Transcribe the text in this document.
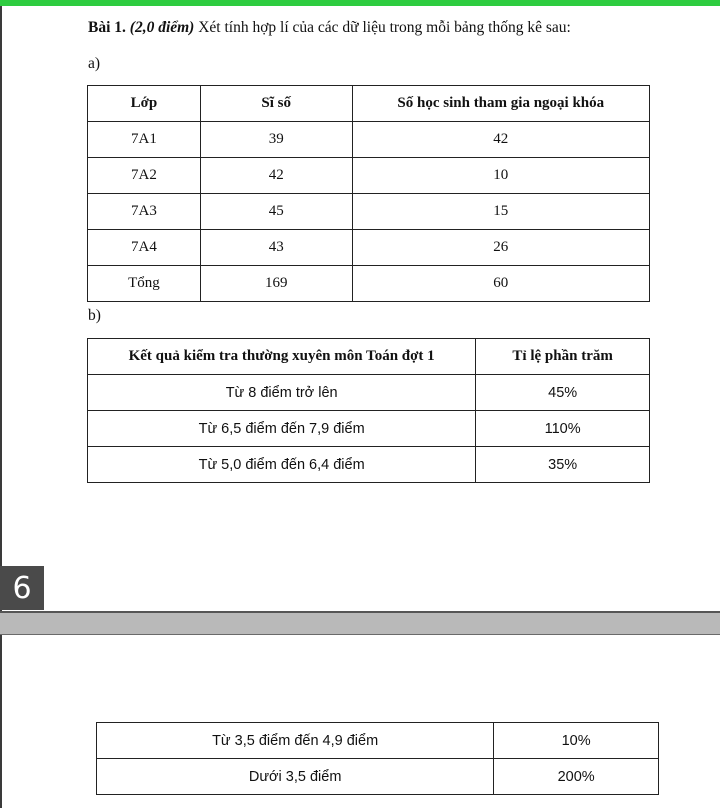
Bài 1. (2,0 điểm) Xét tính hợp lí của các dữ liệu trong mỗi bảng thống kê sau:
a)
Lớp	Sĩ số	Số học sinh tham gia ngoại khóa
7A1	39	42
7A2	42	10
7A3	45	15
7A4	43	26
Tổng	169	60
b)
Kết quả kiểm tra thường xuyên môn Toán đợt 1	Tỉ lệ phần trăm
Từ 8 điểm trở lên	45%
Từ 6,5 điểm đến 7,9 điểm	110%
Từ 5,0 điểm đến 6,4 điểm	35%
6
Từ 3,5 điểm đến 4,9 điểm	10%
Dưới 3,5 điểm	200%
